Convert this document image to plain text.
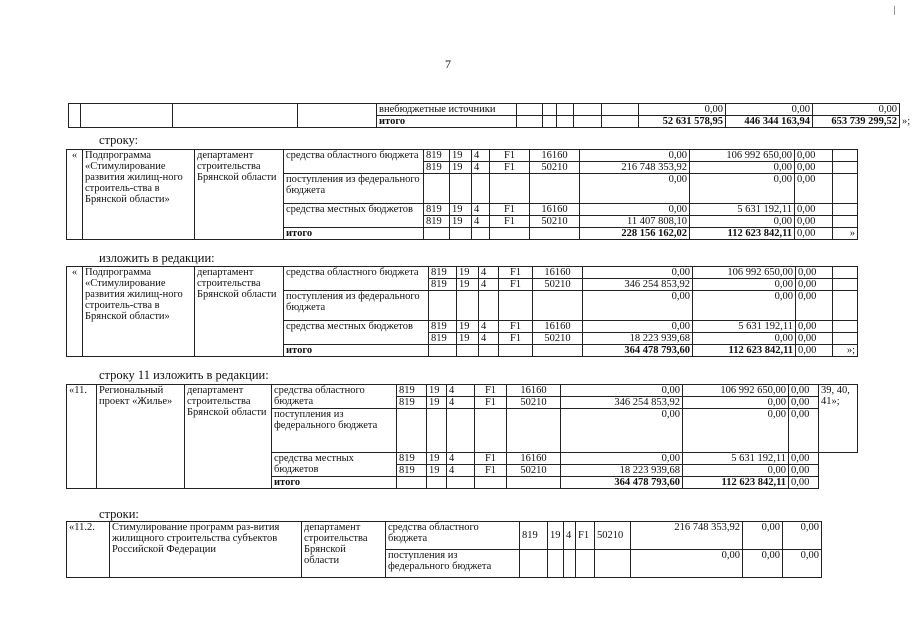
7
				внебюджетные источники						0,00	0,00	0,00	
				итого						52 631 578,95	446 344 163,94	653 739 299,52	»;
строку:
«	Подпрограмма «Стимулирование развития жилищ-ного строитель-ства в Брянской области»	департамент строительства Брянской области	средства областного бюджета	819	19	4	F1	16160	0,00	106 992 650,00	0,00	
				819	19	4	F1	50210	216 748 353,92	0,00	0,00	
			поступления из федерального бюджета						0,00	0,00	0,00	
			средства местных бюджетов	819	19	4	F1	16160	0,00	5 631 192,11	0,00	
				819	19	4	F1	50210	11 407 808,10	0,00	0,00	
			итого						228 156 162,02	112 623 842,11	0,00	»
изложить в редакции:
«	Подпрограмма «Стимулирование развития жилищ-ного строитель-ства в Брянской области»	департамент строительства Брянской области	средства областного бюджета	819	19	4	F1	16160	0,00	106 992 650,00	0,00	
				819	19	4	F1	50210	346 254 853,92	0,00	0,00	
			поступления из федерального бюджета						0,00	0,00	0,00	
			средства местных бюджетов	819	19	4	F1	16160	0,00	5 631 192,11	0,00	
				819	19	4	F1	50210	18 223 939,68	0,00	0,00	
			итого						364 478 793,60	112 623 842,11	0,00	»;
строку 11 изложить в редакции:
«11.	Региональный проект «Жилье»	департамент строительства Брянской области	средства областного бюджета	819	19	4	F1	16160	0,00	106 992 650,00	0,00	39, 40, 41»;
				819	19	4	F1	50210	346 254 853,92	0,00	0,00	
			поступления из федерального бюджета						0,00	0,00	0,00	
			средства местных бюджетов	819	19	4	F1	16160	0,00	5 631 192,11	0,00	
				819	19	4	F1	50210	18 223 939,68	0,00	0,00	
			итого						364 478 793,60	112 623 842,11	0,00	
строки:
«11.2.	Стимулирование программ раз-вития жилищного строительства субъектов Российской Федерации	департамент строительства Брянской области	средства областного бюджета	819	19	4	F1	50210	216 748 353,92	0,00	0,00
			поступления из федерального бюджета						0,00	0,00	0,00
